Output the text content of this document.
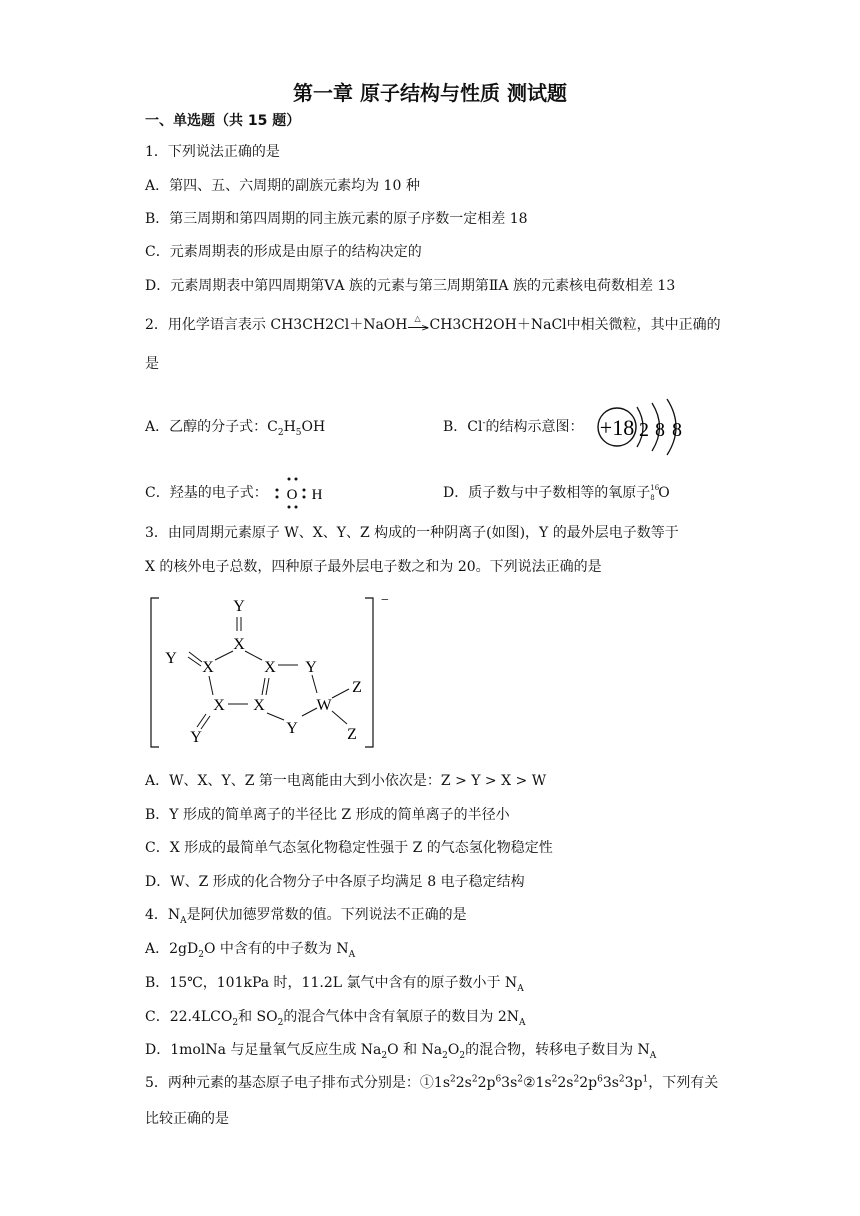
第一章 原子结构与性质 测试题
一、单选题（共 15 题）
1．下列说法正确的是
A．第四、五、六周期的副族元素均为 10 种
B．第三周期和第四周期的同主族元素的原子序数一定相差 18
C．元素周期表的形成是由原子的结构决定的
D．元素周期表中第四周期第ⅤA 族的元素与第三周期第ⅡA 族的元素核电荷数相差 13
2．用化学语言表示 CH3CH2Cl＋NaOH △
> CH3CH2OH＋NaCl中相关微粒，其中正确的
是
A．乙醇的分子式：$C_2H_5OH$	B．Cl-的结构示意图： +18 2 8 8
C．羟基的电子式： O H	D．质子数与中子数相等的氧原子 16
8 O
3．由同周期元素原子 W、X、Y、Z 构成的一种阴离子(如图)，Y 的最外层电子数等于
X 的核外电子总数，四种原子最外层电子数之和为 20。下列说法正确的是
−
Y
X
Y
X	X Y
X X	W
Z
Y
Y	Z
A．W、X、Y、Z 第一电离能由大到小依次是：Z > Y > X > W
B．Y 形成的简单离子的半径比 Z 形成的简单离子的半径小
C．X 形成的最简单气态氢化物稳定性强于 Z 的气态氢化物稳定性
D．W、Z 形成的化合物分子中各原子均满足 8 电子稳定结构
4．$N_A$是阿伏加德罗常数的值。下列说法不正确的是
A．$2gD_2O$ 中含有的中子数为 $N_A$
B．15℃，101kPa 时，11.2L 氯气中含有的原子数小于 $N_A$
C．$22.4LCO_2$和 $SO_2$的混合气体中含有氧原子的数目为 $2N_A$
D．1molNa 与足量氧气反应生成 $Na_2O$ 和 $Na_2O_2$的混合物，转移电子数目为 $N_A$
5．两种元素的基态原子电子排布式分别是：$①1s^22s^22p^63s^2②1s^22s^22p^63s^23p^1$，下列有关
比较正确的是
